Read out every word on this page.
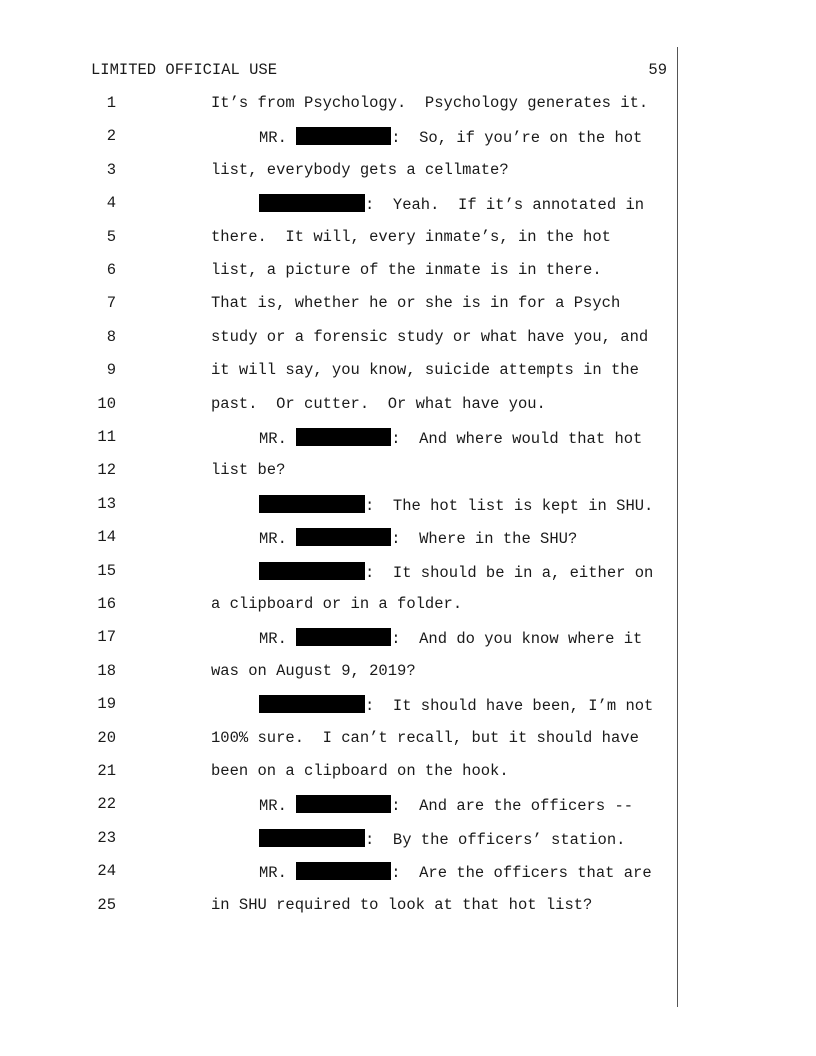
LIMITED OFFICIAL USE	59
1	It’s from Psychology.  Psychology generates it.
2	MR.	:  So, if you’re on the hot
3	list, everybody gets a cellmate?
4	:  Yeah.  If it’s annotated in
5	there.  It will, every inmate’s, in the hot
6	list, a picture of the inmate is in there.
7	That is, whether he or she is in for a Psych
8	study or a forensic study or what have you, and
9	it will say, you know, suicide attempts in the
10	past.  Or cutter.  Or what have you.
11	MR.	:  And where would that hot
12	list be?
13	:  The hot list is kept in SHU.
14	MR.	:  Where in the SHU?
15	:  It should be in a, either on
16	a clipboard or in a folder.
17	MR.	:  And do you know where it
18	was on August 9, 2019?
19	:  It should have been, I’m not
20	100% sure.  I can’t recall, but it should have
21	been on a clipboard on the hook.
22	MR.	:  And are the officers --
23	:  By the officers’ station.
24	MR.	:  Are the officers that are
25	in SHU required to look at that hot list?
